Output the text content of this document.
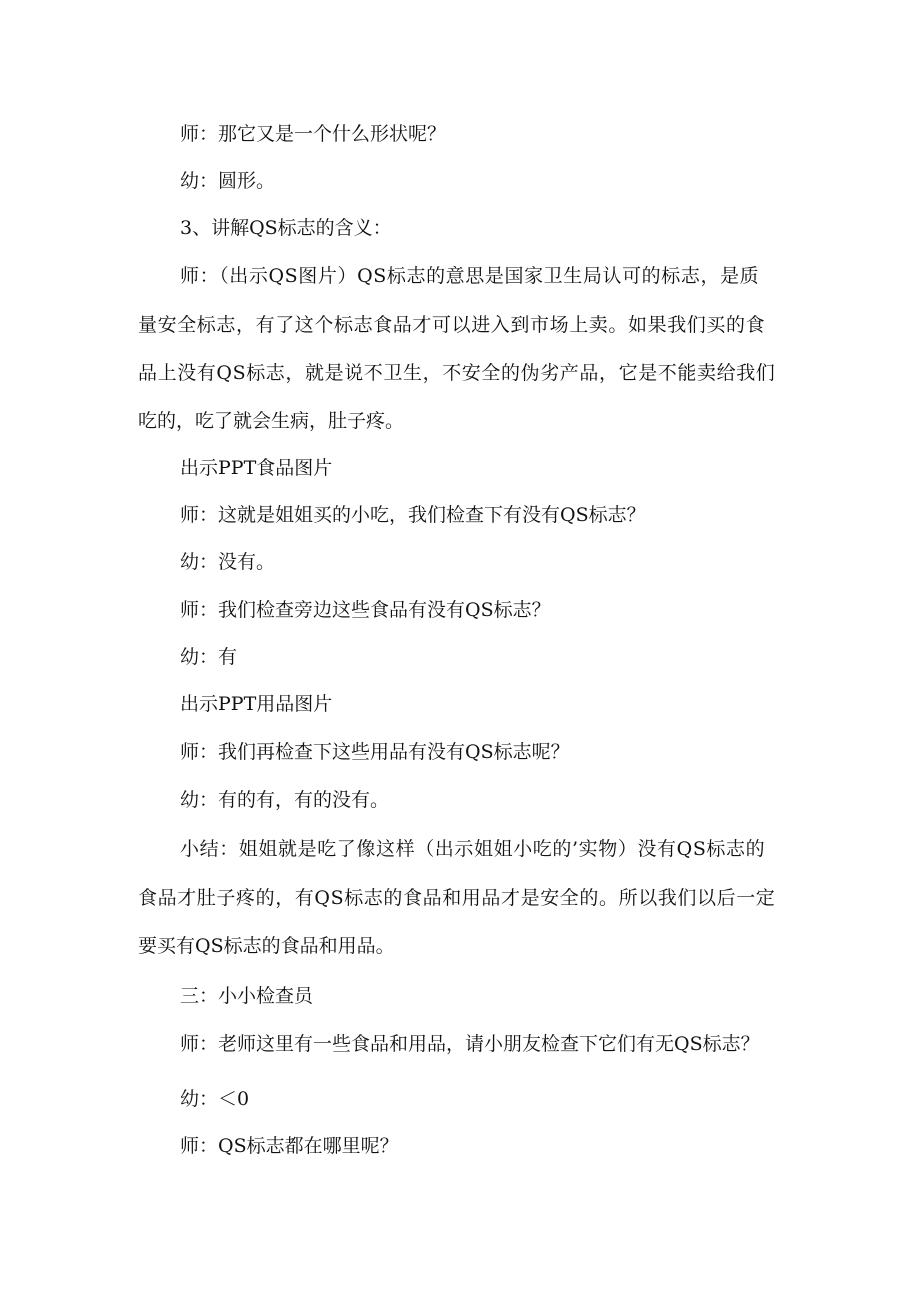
师：那它又是一个什么形状呢？
幼：圆形。
3、讲解QS标志的含义：
师：（出示QS图片）QS标志的意思是国家卫生局认可的标志，是质
量安全标志，有了这个标志食品才可以进入到市场上卖。如果我们买的食
品上没有QS标志，就是说不卫生，不安全的伪劣产品，它是不能卖给我们
吃的，吃了就会生病，肚子疼。
出示PPT食品图片
师：这就是姐姐买的小吃，我们检查下有没有QS标志？
幼：没有。
师：我们检查旁边这些食品有没有QS标志？
幼：有
出示PPT用品图片
师：我们再检查下这些用品有没有QS标志呢？
幼：有的有，有的没有。
小结：姐姐就是吃了像这样（出示姐姐小吃的’实物）没有QS标志的
食品才肚子疼的，有QS标志的食品和用品才是安全的。所以我们以后一定
要买有QS标志的食品和用品。
三：小小检查员
师：老师这里有一些食品和用品，请小朋友检查下它们有无QS标志？
幼：＜0
师：QS标志都在哪里呢？
